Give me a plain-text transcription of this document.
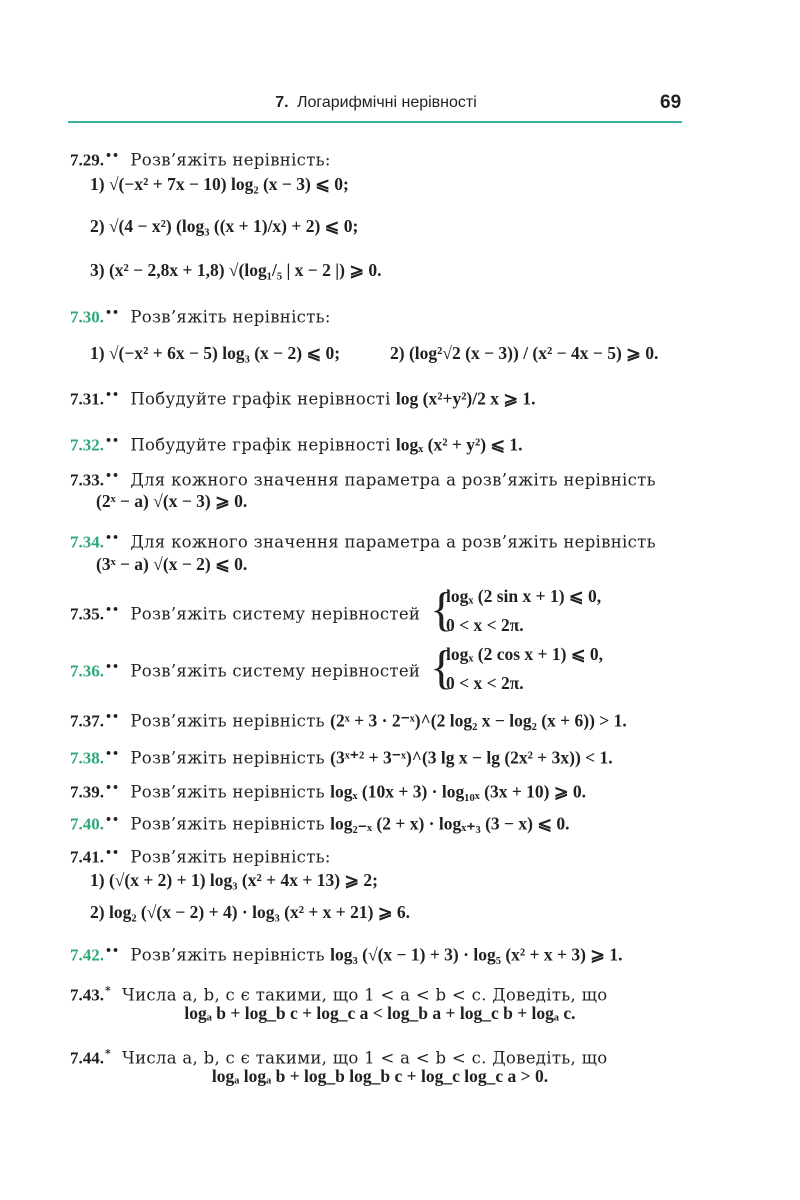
7. Логарифмічні нерівності	69
7.29.•• Розв’яжіть нерівність:
1) √(−x² + 7x − 10) log₂ (x − 3) ⩽ 0;
2) √(4 − x²) (log₃ ((x + 1)/x) + 2) ⩽ 0;
3) (x² − 2,8x + 1,8) √(log₁/₅ | x − 2 |) ⩾ 0.
7.30.•• Розв’яжіть нерівність:
1) √(−x² + 6x − 5) log₃ (x − 2) ⩽ 0;	2) (log²√2 (x − 3)) / (x² − 4x − 5) ⩾ 0.
7.31.•• Побудуйте графік нерівності log (x²+y²)/2 x ⩾ 1.
7.32.•• Побудуйте графік нерівності logₓ (x² + y²) ⩽ 1.
7.33.•• Для кожного значення параметра a розв’яжіть нерівність
(2ˣ − a) √(x − 3) ⩾ 0.
7.34.•• Для кожного значення параметра a розв’яжіть нерівність
(3ˣ − a) √(x − 2) ⩽ 0.
7.35.•• Розв’яжіть систему нерівностей {
logₓ (2 sin x + 1) ⩽ 0,
0 < x < 2π.
7.36.•• Розв’яжіть систему нерівностей {
logₓ (2 cos x + 1) ⩽ 0,
0 < x < 2π.
7.37.•• Розв’яжіть нерівність (2ˣ + 3 · 2⁻ˣ)^(2 log₂ x − log₂ (x + 6)) > 1.
7.38.•• Розв’яжіть нерівність (3ˣ⁺² + 3⁻ˣ)^(3 lg x − lg (2x² + 3x)) < 1.
7.39.•• Розв’яжіть нерівність logₓ (10x + 3) · log₁₀ₓ (3x + 10) ⩾ 0.
7.40.•• Розв’яжіть нерівність log₂₋ₓ (2 + x) · logₓ₊₃ (3 − x) ⩽ 0.
7.41.•• Розв’яжіть нерівність:
1) (√(x + 2) + 1) log₃ (x² + 4x + 13) ⩾ 2;
2) log₂ (√(x − 2) + 4) · log₃ (x² + x + 21) ⩾ 6.
7.42.•• Розв’яжіть нерівність log₃ (√(x − 1) + 3) · log₅ (x² + x + 3) ⩾ 1.
7.43.* Числа a, b, c є такими, що 1 < a < b < c. Доведіть, що
logₐ b + log_b c + log_c a < log_b a + log_c b + logₐ c.
7.44.* Числа a, b, c є такими, що 1 < a < b < c. Доведіть, що
logₐ logₐ b + log_b log_b c + log_c log_c a > 0.
